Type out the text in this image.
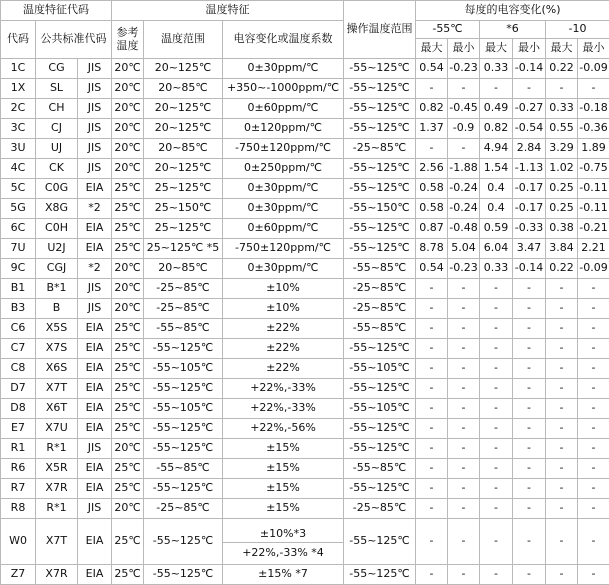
温度特征代码			温度特征			操作温度范围	每度的电容变化(%)					
代码	公共标准代码		参考温度	温度范围	电容变化或温度系数		-55℃		*6		-10	
							最大	最小	最大	最小	最大	最小
1C	CG	JIS	20℃	20~125℃	0±30ppm/℃	-55~125℃	0.54	-0.23	0.33	-0.14	0.22	-0.09
1X	SL	JIS	20℃	20~85℃	+350~-1000ppm/℃	-55~125℃	-	-	-	-	-	-
2C	CH	JIS	20℃	20~125℃	0±60ppm/℃	-55~125℃	0.82	-0.45	0.49	-0.27	0.33	-0.18
3C	CJ	JIS	20℃	20~125℃	0±120ppm/℃	-55~125℃	1.37	-0.9	0.82	-0.54	0.55	-0.36
3U	UJ	JIS	20℃	20~85℃	-750±120ppm/℃	-25~85℃	-	-	4.94	2.84	3.29	1.89
4C	CK	JIS	20℃	20~125℃	0±250ppm/℃	-55~125℃	2.56	-1.88	1.54	-1.13	1.02	-0.75
5C	C0G	EIA	25℃	25~125℃	0±30ppm/℃	-55~125℃	0.58	-0.24	0.4	-0.17	0.25	-0.11
5G	X8G	*2	25℃	25~150℃	0±30ppm/℃	-55~150℃	0.58	-0.24	0.4	-0.17	0.25	-0.11
6C	C0H	EIA	25℃	25~125℃	0±60ppm/℃	-55~125℃	0.87	-0.48	0.59	-0.33	0.38	-0.21
7U	U2J	EIA	25℃	25~125℃ *5	-750±120ppm/℃	-55~125℃	8.78	5.04	6.04	3.47	3.84	2.21
9C	CGJ	*2	20℃	20~85℃	0±30ppm/℃	-55~85℃	0.54	-0.23	0.33	-0.14	0.22	-0.09
B1	B*1	JIS	20℃	-25~85℃	±10%	-25~85℃	-	-	-	-	-	-
B3	B	JIS	20℃	-25~85℃	±10%	-25~85℃	-	-	-	-	-	-
C6	X5S	EIA	25℃	-55~85℃	±22%	-55~85℃	-	-	-	-	-	-
C7	X7S	EIA	25℃	-55~125℃	±22%	-55~125℃	-	-	-	-	-	-
C8	X6S	EIA	25℃	-55~105℃	±22%	-55~105℃	-	-	-	-	-	-
D7	X7T	EIA	25℃	-55~125℃	+22%,-33%	-55~125℃	-	-	-	-	-	-
D8	X6T	EIA	25℃	-55~105℃	+22%,-33%	-55~105℃	-	-	-	-	-	-
E7	X7U	EIA	25℃	-55~125℃	+22%,-56%	-55~125℃	-	-	-	-	-	-
R1	R*1	JIS	20℃	-55~125℃	±15%	-55~125℃	-	-	-	-	-	-
R6	X5R	EIA	25℃	-55~85℃	±15%	-55~85℃	-	-	-	-	-	-
R7	X7R	EIA	25℃	-55~125℃	±15%	-55~125℃	-	-	-	-	-	-
R8	R*1	JIS	20℃	-25~85℃	±15%	-25~85℃	-	-	-	-	-	-
W0	X7T	EIA	25℃	-55~125℃	±10%*3	-55~125℃	-	-	-	-	-	-
					+22%,-33% *4							
Z7	X7R	EIA	25℃	-55~125℃	±15% *7	-55~125℃	-	-	-	-	-	-
